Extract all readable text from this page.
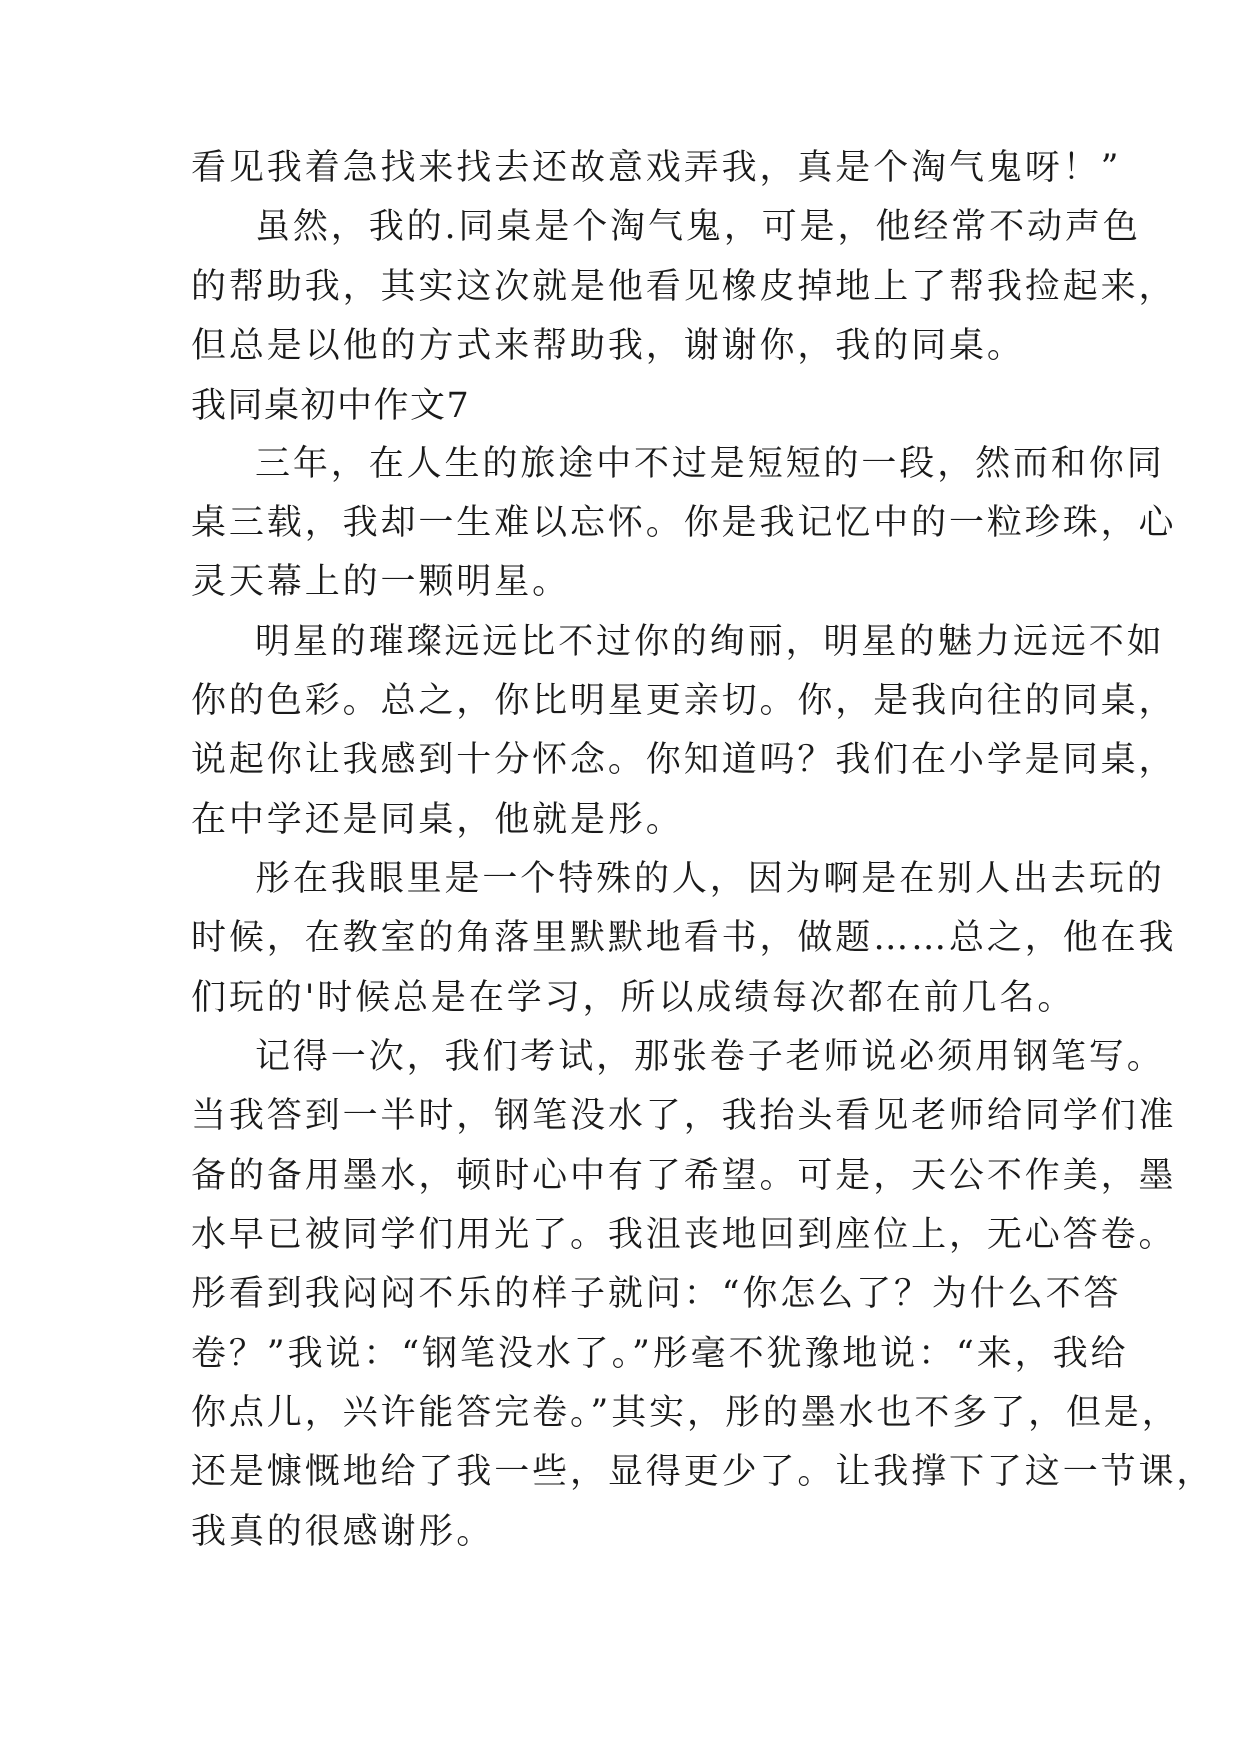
看见我着急找来找去还故意戏弄我，真是个淘气鬼呀！”
虽然，我的.同桌是个淘气鬼，可是，他经常不动声色
的帮助我，其实这次就是他看见橡皮掉地上了帮我捡起来，
但总是以他的方式来帮助我，谢谢你，我的同桌。
我同桌初中作文7
三年，在人生的旅途中不过是短短的一段，然而和你同
桌三载，我却一生难以忘怀。你是我记忆中的一粒珍珠，心
灵天幕上的一颗明星。
明星的璀璨远远比不过你的绚丽，明星的魅力远远不如
你的色彩。总之，你比明星更亲切。你，是我向往的同桌，
说起你让我感到十分怀念。你知道吗？我们在小学是同桌，
在中学还是同桌，他就是彤。
彤在我眼里是一个特殊的人，因为啊是在别人出去玩的
时候，在教室的角落里默默地看书，做题……总之，他在我
们玩的'时候总是在学习，所以成绩每次都在前几名。
记得一次，我们考试，那张卷子老师说必须用钢笔写。
当我答到一半时，钢笔没水了，我抬头看见老师给同学们准
备的备用墨水，顿时心中有了希望。可是，天公不作美，墨
水早已被同学们用光了。我沮丧地回到座位上，无心答卷。
彤看到我闷闷不乐的样子就问：“你怎么了？为什么不答
卷？”我说：“钢笔没水了。”彤毫不犹豫地说：“来，我给
你点儿，兴许能答完卷。”其实，彤的墨水也不多了，但是，
还是慷慨地给了我一些，显得更少了。让我撑下了这一节课，
我真的很感谢彤。
